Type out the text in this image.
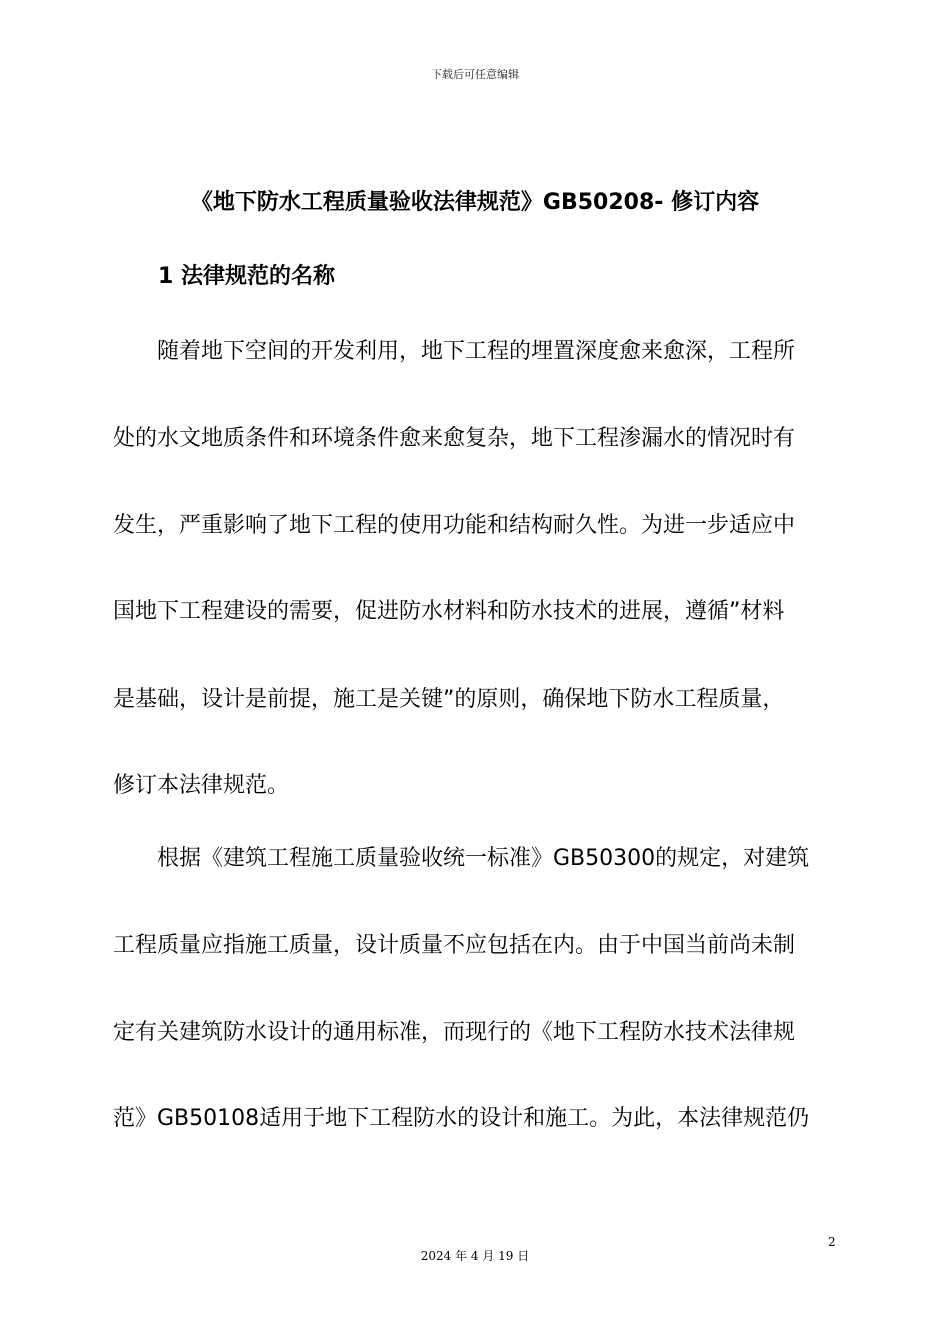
下载后可任意编辑
《地下防水工程质量验收法律规范》GB50208- 修订内容
1 法律规范的名称
　　随着地下空间的开发利用，地下工程的埋置深度愈来愈深，工程所
处的水文地质条件和环境条件愈来愈复杂，地下工程渗漏水的情况时有
发生，严重影响了地下工程的使用功能和结构耐久性。为进一步适应中
国地下工程建设的需要，促进防水材料和防水技术的进展，遵循”材料
是基础，设计是前提，施工是关键”的原则，确保地下防水工程质量，
修订本法律规范。
　　根据《建筑工程施工质量验收统一标准》GB50300的规定，对建筑
工程质量应指施工质量，设计质量不应包括在内。由于中国当前尚未制
定有关建筑防水设计的通用标准，而现行的《地下工程防水技术法律规
范》GB50108适用于地下工程防水的设计和施工。为此，本法律规范仍
2
2024 年 4 月 19 日
